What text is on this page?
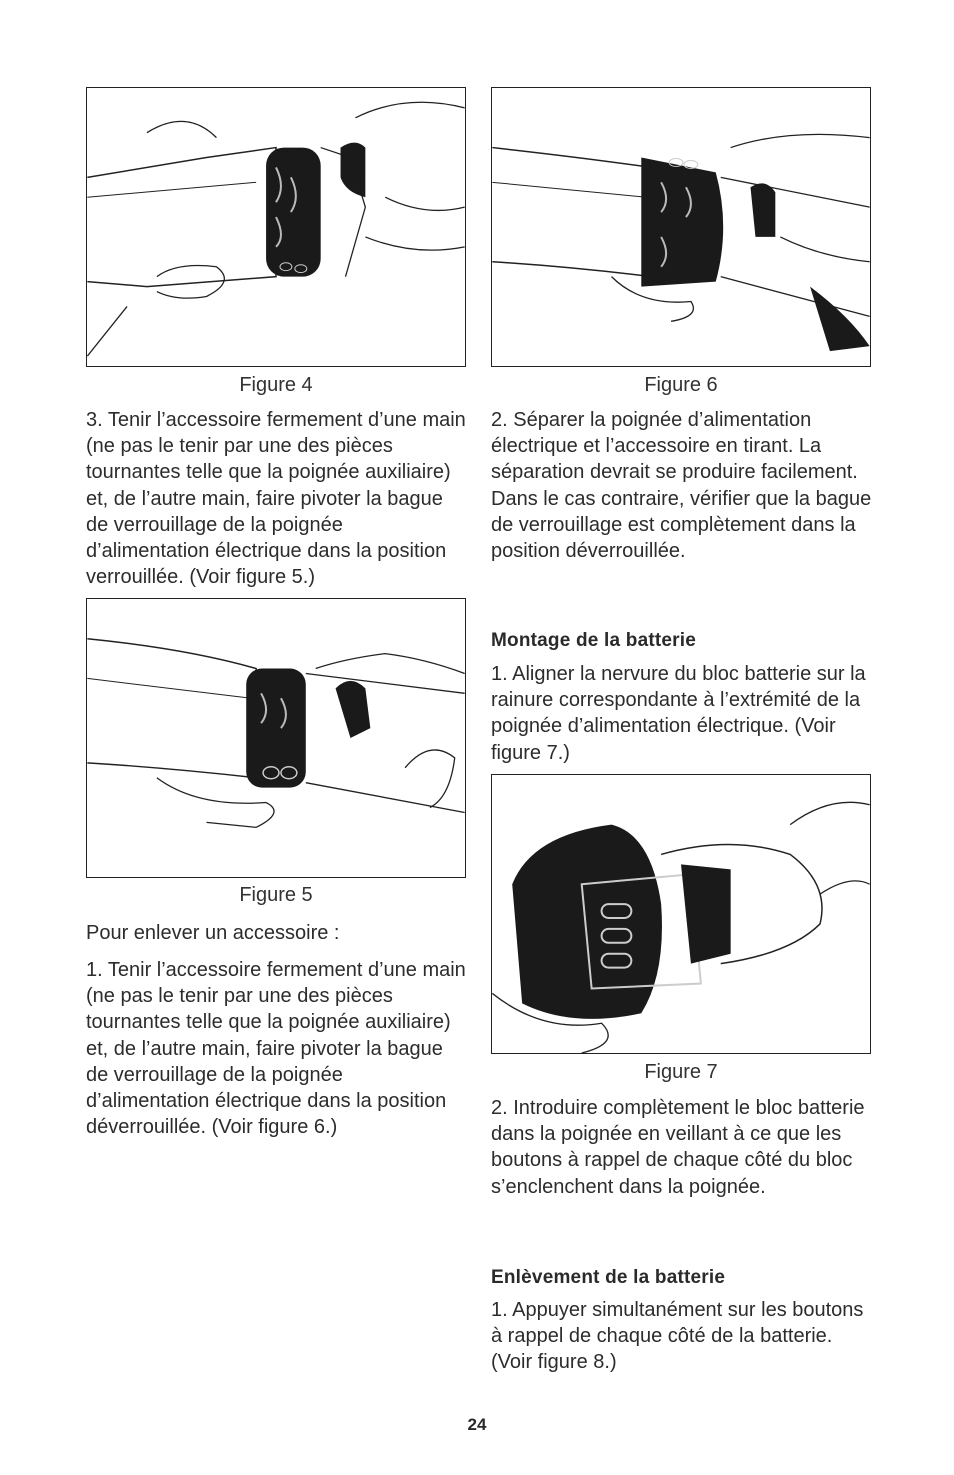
Figure 4

3. Tenir l’accessoire fermement d’une main (ne pas le tenir par une des pièces tournantes telle que la poignée auxiliaire) et, de l’autre main, faire pivoter la bague de verrouillage de la poignée d’alimentation électrique dans la position verrouillée. (Voir figure 5.)

Figure 5

Pour enlever un accessoire :

1. Tenir l’accessoire fermement d’une main (ne pas le tenir par une des pièces tournantes telle que la poignée auxiliaire) et, de l’autre main, faire pivoter la bague de verrouillage de la poignée d’alimentation électrique dans la position déverrouillée. (Voir figure 6.)

Figure 6

2. Séparer la poignée d’alimentation électrique et l’accessoire en tirant. La séparation devrait se produire facilement. Dans le cas contraire, vérifier que la bague de verrouillage est complètement dans la position déverrouillée.

Montage de la batterie

1. Aligner la nervure du bloc batterie sur la rainure correspondante à l’extrémité de la poignée d’alimentation électrique. (Voir figure 7.)

Figure 7

2. Introduire complètement le bloc batterie dans la poignée en veillant à ce que les boutons à rappel de chaque côté du bloc s’enclenchent dans la poignée.

Enlèvement de la batterie

1. Appuyer simultanément sur les boutons à rappel de chaque côté de la batterie. (Voir figure 8.)

24
